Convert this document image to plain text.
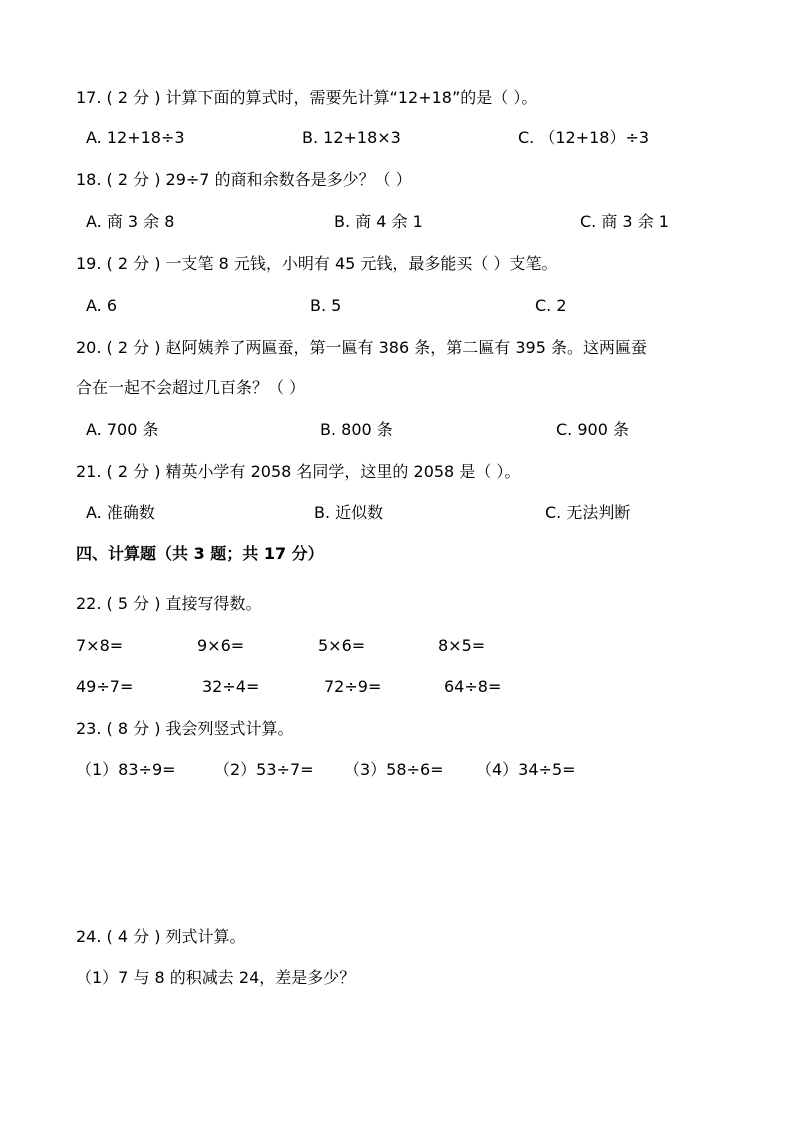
17. ( 2 分 ) 计算下面的算式时，需要先计算“12+18”的是（ ）。
A. 12+18÷3	B. 12+18×3	C. （12+18）÷3
18. ( 2 分 ) 29÷7 的商和余数各是多少？（ ）
A. 商 3 余 8	B. 商 4 余 1	C. 商 3 余 1
19. ( 2 分 ) 一支笔 8 元钱，小明有 45 元钱，最多能买（ ）支笔。
A. 6	B. 5	C. 2
20. ( 2 分 ) 赵阿姨养了两匾蚕，第一匾有 386 条，第二匾有 395 条。这两匾蚕
合在一起不会超过几百条？（ ）
A. 700 条	B. 800 条	C. 900 条
21. ( 2 分 ) 精英小学有 2058 名同学，这里的 2058 是（ ）。
A. 准确数	B. 近似数	C. 无法判断
四、计算题（共 3 题；共 17 分）
22. ( 5 分 ) 直接写得数。
7×8=	9×6=	5×6=	8×5=
49÷7=	32÷4=	72÷9=	64÷8=
23. ( 8 分 ) 我会列竖式计算。
（1）83÷9= （2）53÷7= （3）58÷6= （4）34÷5=
24. ( 4 分 ) 列式计算。
（1）7 与 8 的积减去 24，差是多少？
